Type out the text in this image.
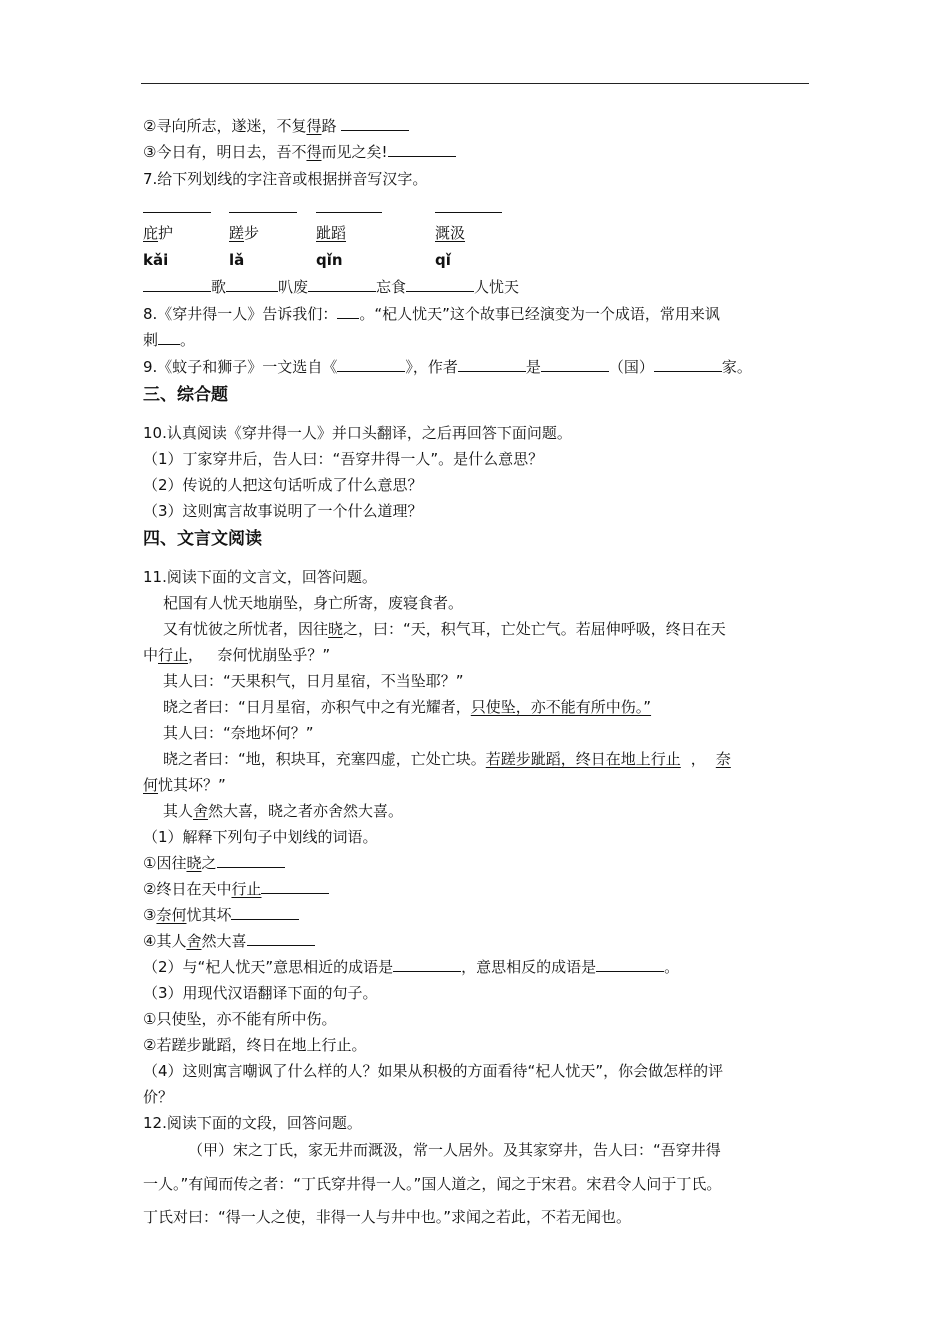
②寻向所志，遂迷，不复得路
③今日有，明日去，吾不得而见之矣!
7.给下列划线的字注音或根据拼音写汉字。
庇护	蹉步	跐蹈	溉汲
kǎi	lǎ	qǐn	qǐ
歌	叭废	忘食	人忧天
8.《穿井得一人》告诉我们： 。“杞人忧天”这个故事已经演变为一个成语，常用来讽
刺 。
9.《蚊子和狮子》一文选自《	》，作者	是	（国）	家。
三、综合题
10.认真阅读《穿井得一人》并口头翻译，之后再回答下面问题。
（1）丁家穿井后，告人曰：“吾穿井得一人”。是什么意思？
（2）传说的人把这句话听成了什么意思？
（3）这则寓言故事说明了一个什么道理？
四、文言文阅读
11.阅读下面的文言文，回答问题。
杞国有人忧天地崩坠，身亡所寄，废寝食者。
又有忧彼之所忧者，因往晓之，曰：“天，积气耳，亡处亡气。若屈伸呼吸，终日在天
中行止，   奈何忧崩坠乎？”
其人曰：“天果积气，日月星宿，不当坠耶？”
晓之者曰：“日月星宿，亦积气中之有光耀者，只使坠，亦不能有所中伤。”
其人曰：“奈地坏何？”
晓之者曰：“地，积块耳，充塞四虚，亡处亡块。若蹉步跐蹈，终日在地上行止 ， 奈
何忧其坏？”
其人舍然大喜，晓之者亦舍然大喜。
（1）解释下列句子中划线的词语。
①因往晓之
②终日在天中行止
③奈何忧其坏
④其人舍然大喜
（2）与“杞人忧天”意思相近的成语是	，意思相反的成语是	。
（3）用现代汉语翻译下面的句子。
①只使坠，亦不能有所中伤。
②若蹉步跐蹈，终日在地上行止。
（4）这则寓言嘲讽了什么样的人？如果从积极的方面看待“杞人忧天”，你会做怎样的评
价？
12.阅读下面的文段，回答问题。
（甲）宋之丁氏，家无井而溉汲，常一人居外。及其家穿井，告人曰：“吾穿井得
一人。”有闻而传之者：“丁氏穿井得一人。”国人道之，闻之于宋君。宋君令人问于丁氏。
丁氏对曰：“得一人之使，非得一人与井中也。”求闻之若此，不若无闻也。
